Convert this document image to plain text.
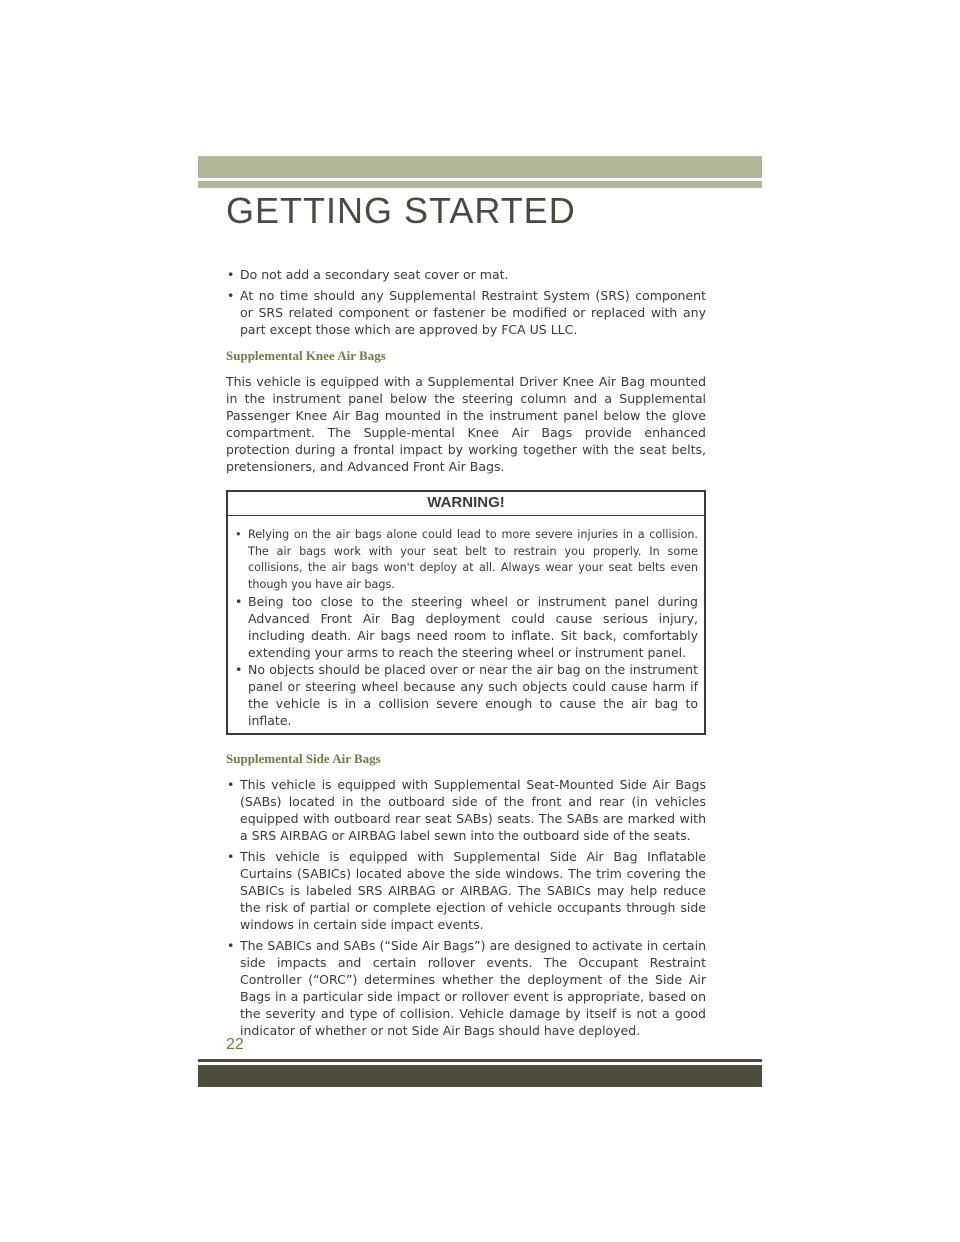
GETTING STARTED
• Do not add a secondary seat cover or mat.
• At no time should any Supplemental Restraint System (SRS) component or SRS related component or fastener be modified or replaced with any part except those which are approved by FCA US LLC.
Supplemental Knee Air Bags

This vehicle is equipped with a Supplemental Driver Knee Air Bag mounted in the instrument panel below the steering column and a Supplemental Passenger Knee Air Bag mounted in the instrument panel below the glove compartment. The Supple-mental Knee Air Bags provide enhanced protection during a frontal impact by working together with the seat belts, pretensioners, and Advanced Front Air Bags.

WARNING!
• Relying on the air bags alone could lead to more severe injuries in a collision. The air bags work with your seat belt to restrain you properly. In some collisions, the air bags won't deploy at all. Always wear your seat belts even though you have air bags.
• Being too close to the steering wheel or instrument panel during Advanced Front Air Bag deployment could cause serious injury, including death. Air bags need room to inflate. Sit back, comfortably extending your arms to reach the steering wheel or instrument panel.
• No objects should be placed over or near the air bag on the instrument panel or steering wheel because any such objects could cause harm if the vehicle is in a collision severe enough to cause the air bag to inflate.
Supplemental Side Air Bags
• This vehicle is equipped with Supplemental Seat-Mounted Side Air Bags (SABs) located in the outboard side of the front and rear (in vehicles equipped with outboard rear seat SABs) seats. The SABs are marked with a SRS AIRBAG or AIRBAG label sewn into the outboard side of the seats.
• This vehicle is equipped with Supplemental Side Air Bag Inflatable Curtains (SABICs) located above the side windows. The trim covering the SABICs is labeled SRS AIRBAG or AIRBAG. The SABICs may help reduce the risk of partial or complete ejection of vehicle occupants through side windows in certain side impact events.
• The SABICs and SABs (“Side Air Bags”) are designed to activate in certain side impacts and certain rollover events. The Occupant Restraint Controller (“ORC”) determines whether the deployment of the Side Air Bags in a particular side impact or rollover event is appropriate, based on the severity and type of collision. Vehicle damage by itself is not a good indicator of whether or not Side Air Bags should have deployed.
22
